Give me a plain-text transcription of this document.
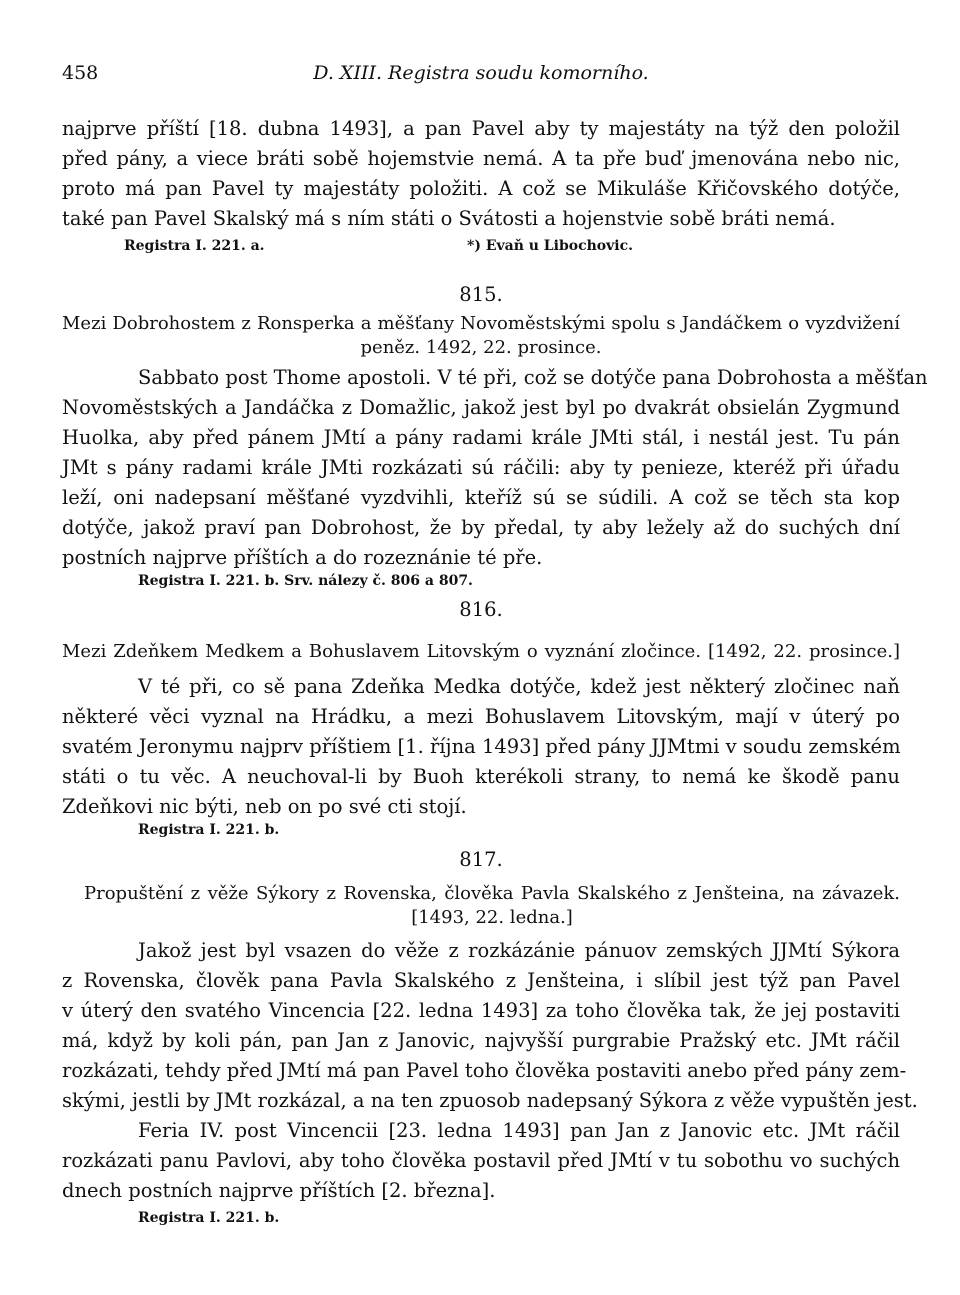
458	D. XIII. Registra soudu komorního.
najprve příští [18. dubna 1493], a pan Pavel aby ty majestáty na týž den položil
před pány, a viece bráti sobě hojemstvie nemá. A ta pře buď jmenována nebo nic,
proto má pan Pavel ty majestáty položiti. A což se Mikuláše Křičovského dotýče,
také pan Pavel Skalský má s ním státi o Svátosti a hojenstvie sobě bráti nemá.
Registra I. 221. a.	*) Evaň u Libochovic.
815.
Mezi Dobrohostem z Ronsperka a měšťany Novoměstskými spolu s Jandáčkem o vyzdvižení
peněz. 1492, 22. prosince.
Sabbato post Thome apostoli. V té při, což se dotýče pana Dobrohosta a měšťan
Novoměstských a Jandáčka z Domažlic, jakož jest byl po dvakrát obsielán Zygmund
Huolka, aby před pánem JMtí a pány radami krále JMti stál, i nestál jest. Tu pán
JMt s pány radami krále JMti rozkázati sú ráčili: aby ty penieze, kteréž při úřadu
leží, oni nadepsaní měšťané vyzdvihli, kteříž sú se súdili. A což se těch sta kop
dotýče, jakož praví pan Dobrohost, že by předal, ty aby ležely až do suchých dní
postních najprve příštích a do rozeznánie té pře.
Registra I. 221. b. Srv. nálezy č. 806 a 807.
816.
Mezi Zdeňkem Medkem a Bohuslavem Litovským o vyznání zločince. [1492, 22. prosince.]
V té při, co sě pana Zdeňka Medka dotýče, kdež jest některý zločinec naň
některé věci vyznal na Hrádku, a mezi Bohuslavem Litovským, mají v úterý po
svatém Jeronymu najprv příštiem [1. října 1493] před pány JJMtmi v soudu zemském
státi o tu věc. A neuchoval-li by Buoh kterékoli strany, to nemá ke škodě panu
Zdeňkovi nic býti, neb on po své cti stojí.
Registra I. 221. b.
817.
Propuštění z věže Sýkory z Rovenska, člověka Pavla Skalského z Jenšteina, na závazek.
[1493, 22. ledna.]
Jakož jest byl vsazen do věže z rozkázánie pánuov zemských JJMtí Sýkora
z Rovenska, člověk pana Pavla Skalského z Jenšteina, i slíbil jest týž pan Pavel
v úterý den svatého Vincencia [22. ledna 1493] za toho člověka tak, že jej postaviti
má, když by koli pán, pan Jan z Janovic, najvyšší purgrabie Pražský etc. JMt ráčil
rozkázati, tehdy před JMtí má pan Pavel toho člověka postaviti anebo před pány zem-
skými, jestli by JMt rozkázal, a na ten zpuosob nadepsaný Sýkora z věže vypuštěn jest.
Feria IV. post Vincencii [23. ledna 1493] pan Jan z Janovic etc. JMt ráčil
rozkázati panu Pavlovi, aby toho člověka postavil před JMtí v tu sobothu vo suchých
dnech postních najprve příštích [2. března].
Registra I. 221. b.
